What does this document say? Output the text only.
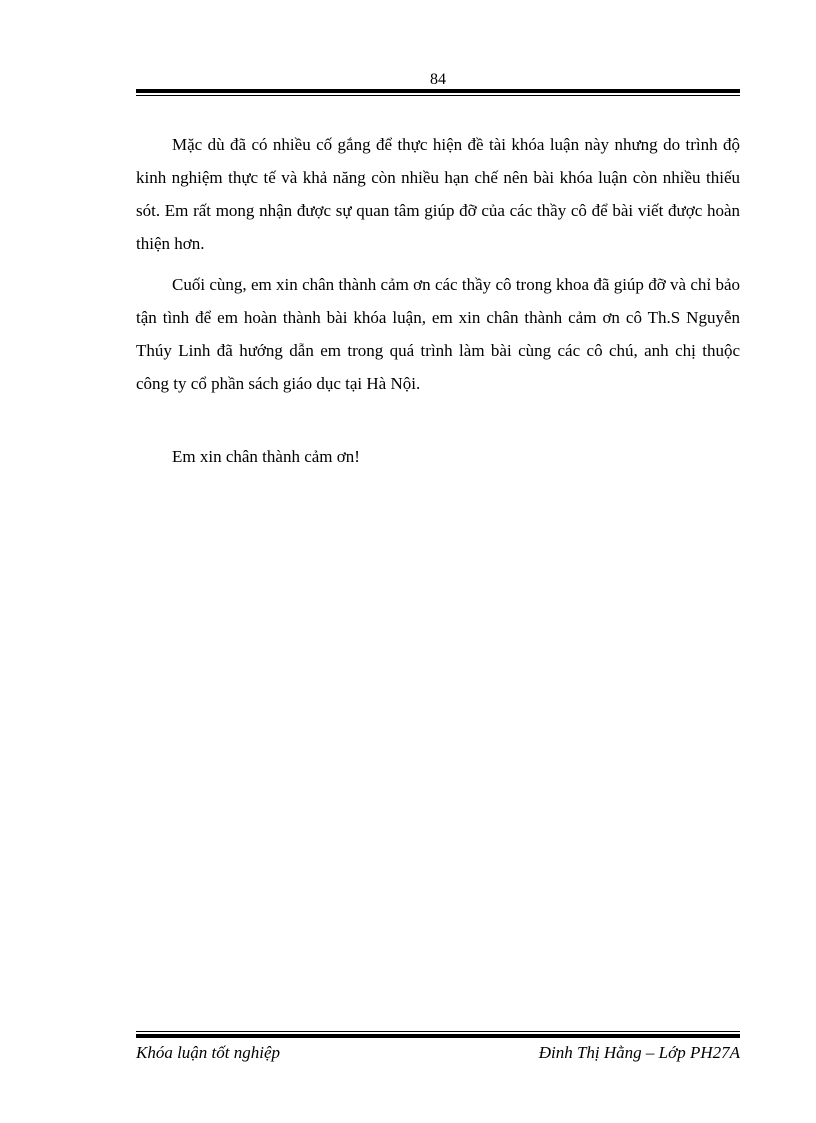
84

Mặc dù đã có nhiều cố gắng để thực hiện đề tài khóa luận này nhưng do trình độ kinh nghiệm thực tế và khả năng còn nhiều hạn chế nên bài khóa luận còn nhiều thiếu sót. Em rất mong nhận được sự quan tâm giúp đỡ của các thầy cô để bài viết được hoàn thiện hơn.

Cuối cùng, em xin chân thành cảm ơn các thầy cô trong khoa đã giúp đỡ và chỉ bảo tận tình để em hoàn thành bài khóa luận, em xin chân thành cảm ơn cô Th.S Nguyễn Thúy Linh đã hướng dẫn em trong quá trình làm bài cùng các cô chú, anh chị thuộc công ty cổ phần sách giáo dục tại Hà Nội.

Em xin chân thành cảm ơn!

Khóa luận tốt nghiệp	Đinh Thị Hằng – Lớp PH27A
